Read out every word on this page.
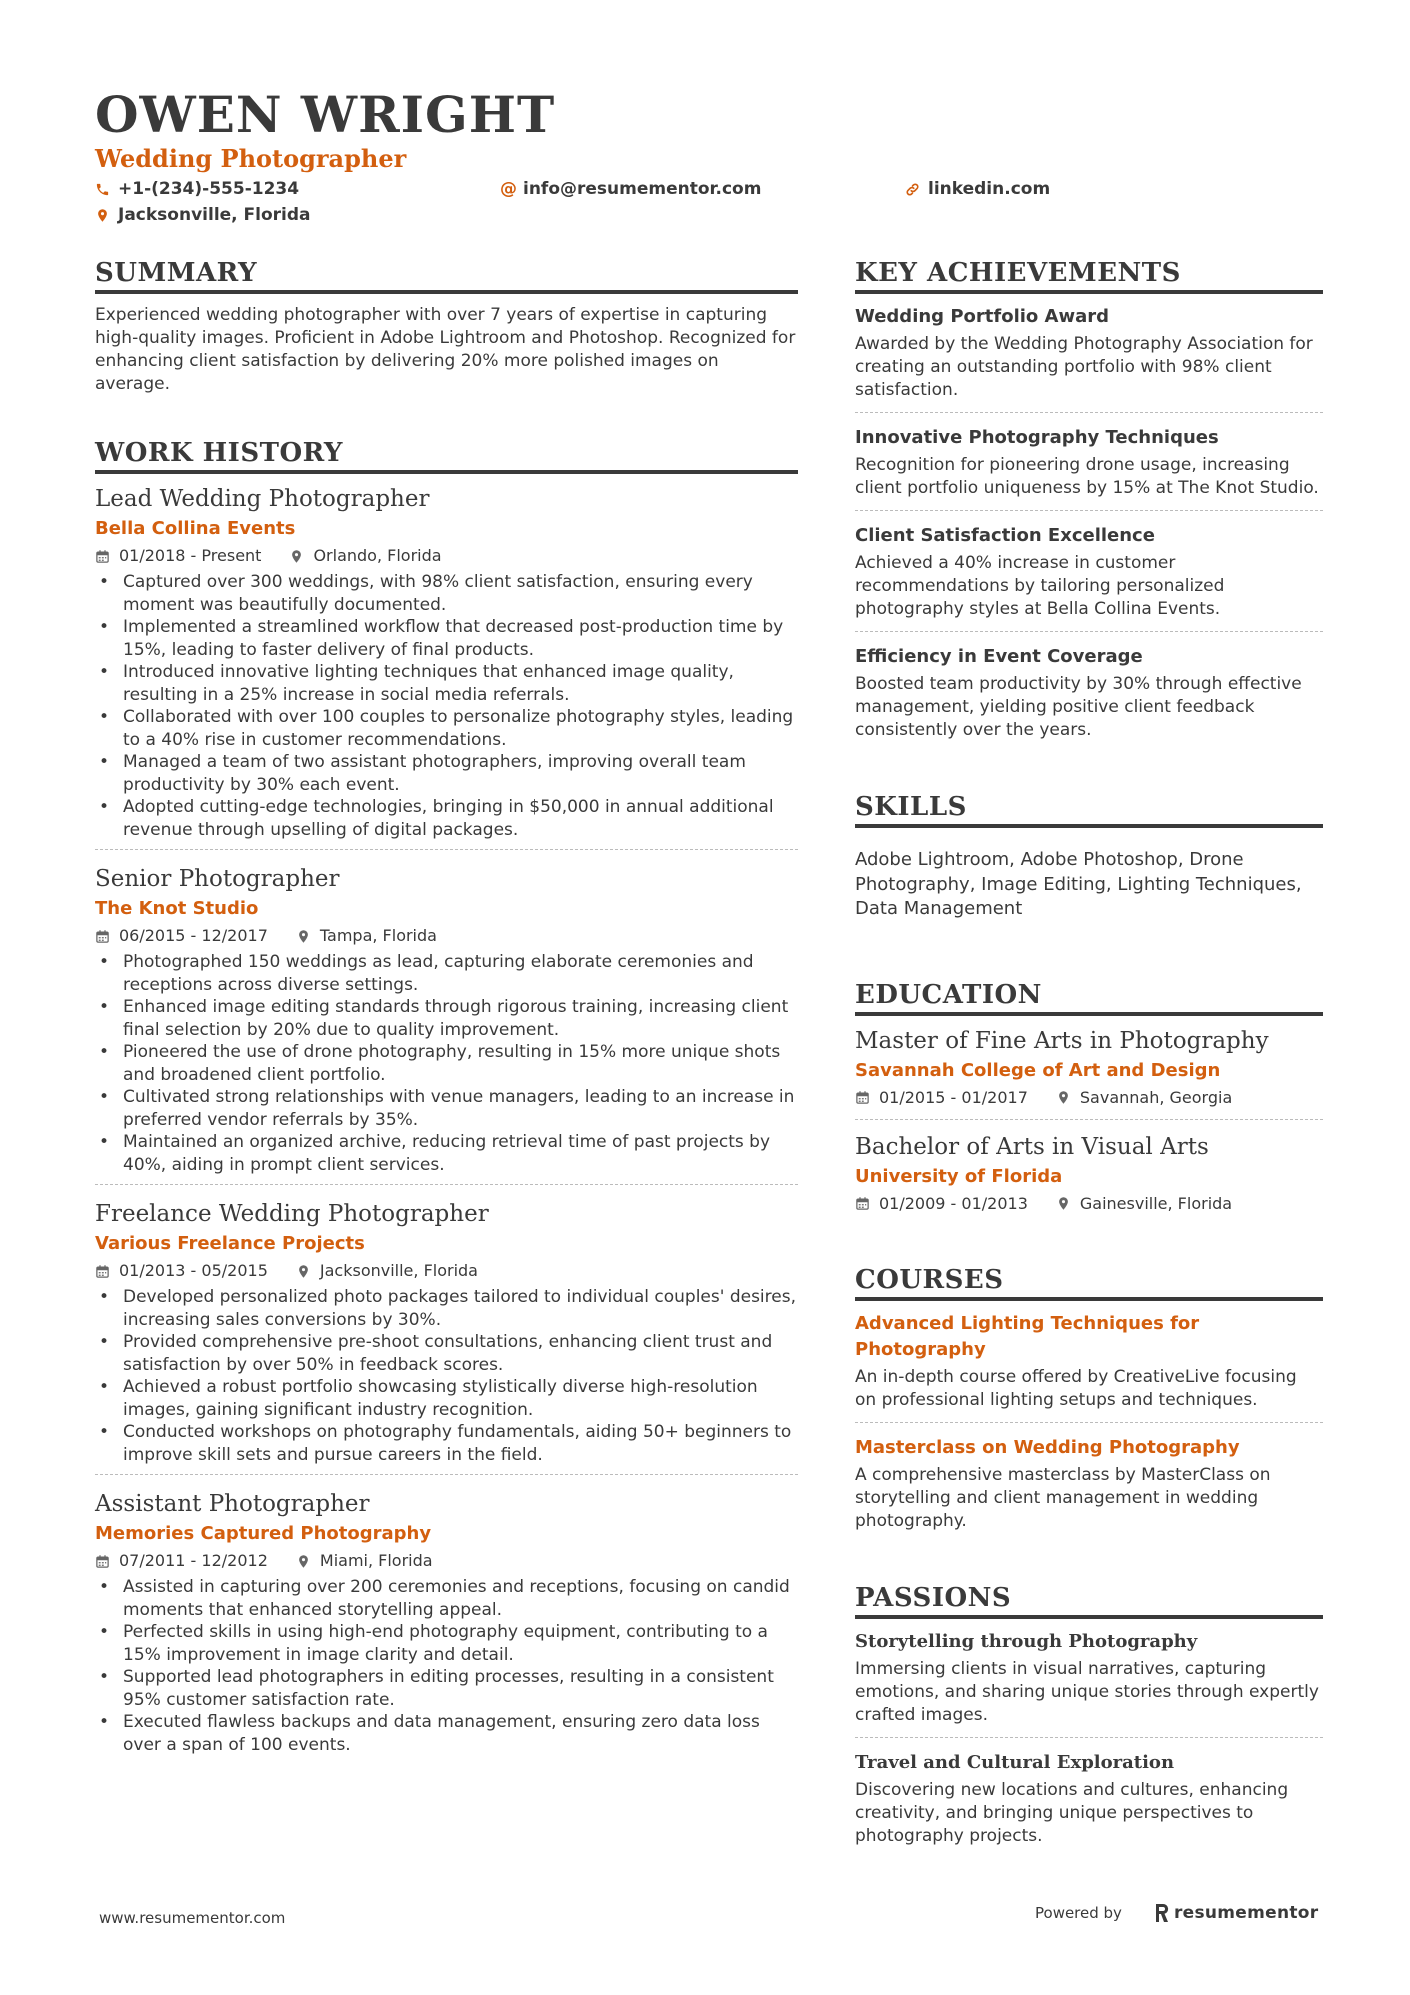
OWEN WRIGHT
Wedding Photographer
+1-(234)-555-1234	@ info@resumementor.com	linkedin.com
Jacksonville, Florida
SUMMARY
Experienced wedding photographer with over 7 years of expertise in capturing high-quality images. Proficient in Adobe Lightroom and Photoshop. Recognized for enhancing client satisfaction by delivering 20% more polished images on average.
WORK HISTORY
Lead Wedding Photographer
Bella Collina Events
01/2018 - Present	Orlando, Florida
• Captured over 300 weddings, with 98% client satisfaction, ensuring every moment was beautifully documented.
• Implemented a streamlined workflow that decreased post-production time by 15%, leading to faster delivery of final products.
• Introduced innovative lighting techniques that enhanced image quality, resulting in a 25% increase in social media referrals.
• Collaborated with over 100 couples to personalize photography styles, leading to a 40% rise in customer recommendations.
• Managed a team of two assistant photographers, improving overall team productivity by 30% each event.
• Adopted cutting-edge technologies, bringing in $50,000 in annual additional revenue through upselling of digital packages.
Senior Photographer
The Knot Studio
06/2015 - 12/2017	Tampa, Florida
• Photographed 150 weddings as lead, capturing elaborate ceremonies and receptions across diverse settings.
• Enhanced image editing standards through rigorous training, increasing client final selection by 20% due to quality improvement.
• Pioneered the use of drone photography, resulting in 15% more unique shots and broadened client portfolio.
• Cultivated strong relationships with venue managers, leading to an increase in preferred vendor referrals by 35%.
• Maintained an organized archive, reducing retrieval time of past projects by 40%, aiding in prompt client services.
Freelance Wedding Photographer
Various Freelance Projects
01/2013 - 05/2015	Jacksonville, Florida
• Developed personalized photo packages tailored to individual couples' desires, increasing sales conversions by 30%.
• Provided comprehensive pre-shoot consultations, enhancing client trust and satisfaction by over 50% in feedback scores.
• Achieved a robust portfolio showcasing stylistically diverse high-resolution images, gaining significant industry recognition.
• Conducted workshops on photography fundamentals, aiding 50+ beginners to improve skill sets and pursue careers in the field.
Assistant Photographer
Memories Captured Photography
07/2011 - 12/2012	Miami, Florida
• Assisted in capturing over 200 ceremonies and receptions, focusing on candid moments that enhanced storytelling appeal.
• Perfected skills in using high-end photography equipment, contributing to a 15% improvement in image clarity and detail.
• Supported lead photographers in editing processes, resulting in a consistent 95% customer satisfaction rate.
• Executed flawless backups and data management, ensuring zero data loss over a span of 100 events.
KEY ACHIEVEMENTS
Wedding Portfolio Award
Awarded by the Wedding Photography Association for creating an outstanding portfolio with 98% client satisfaction.
Innovative Photography Techniques
Recognition for pioneering drone usage, increasing client portfolio uniqueness by 15% at The Knot Studio.
Client Satisfaction Excellence
Achieved a 40% increase in customer recommendations by tailoring personalized photography styles at Bella Collina Events.
Efficiency in Event Coverage
Boosted team productivity by 30% through effective management, yielding positive client feedback consistently over the years.
SKILLS
Adobe Lightroom, Adobe Photoshop, Drone Photography, Image Editing, Lighting Techniques, Data Management
EDUCATION
Master of Fine Arts in Photography
Savannah College of Art and Design
01/2015 - 01/2017	Savannah, Georgia
Bachelor of Arts in Visual Arts
University of Florida
01/2009 - 01/2013	Gainesville, Florida
COURSES
Advanced Lighting Techniques for Photography
An in-depth course offered by CreativeLive focusing on professional lighting setups and techniques.
Masterclass on Wedding Photography
A comprehensive masterclass by MasterClass on storytelling and client management in wedding photography.
PASSIONS
Storytelling through Photography
Immersing clients in visual narratives, capturing emotions, and sharing unique stories through expertly crafted images.
Travel and Cultural Exploration
Discovering new locations and cultures, enhancing creativity, and bringing unique perspectives to photography projects.
www.resumementor.com	Powered by	resumementor
